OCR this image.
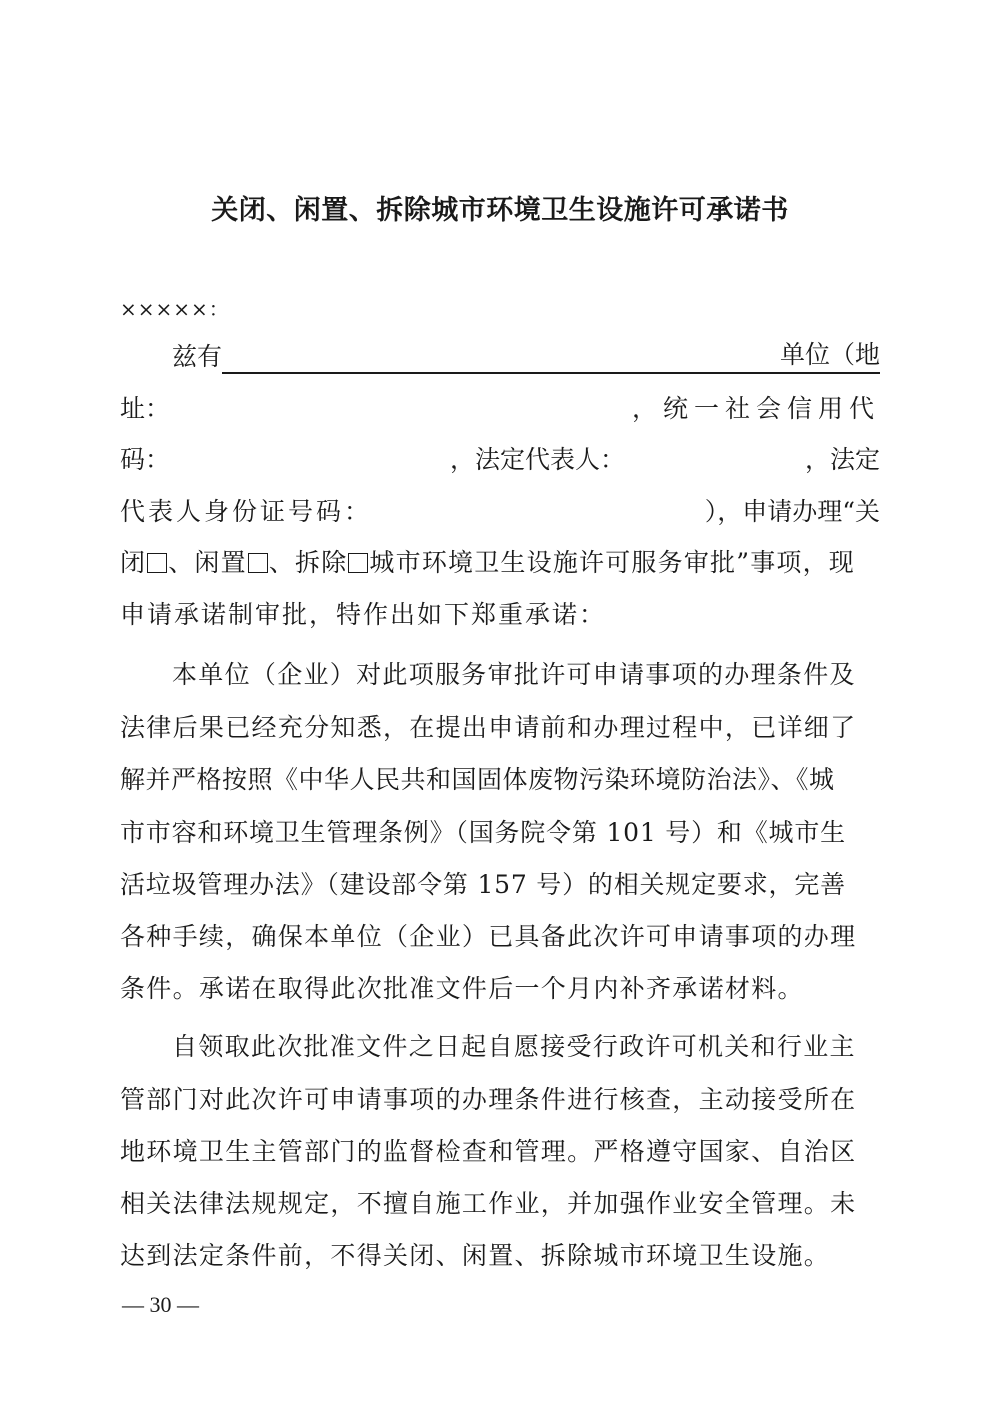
关闭、闲置、拆除城市环境卫生设施许可承诺书
×××××：
兹有	单位（地
址：	，统一社会信用代
码：	，法定代表人：	，法定
代表人身份证号码：	），申请办理“关
闭 、闲置 、拆除 城市环境卫生设施许可服务审批”事项，现
申请承诺制审批，特作出如下郑重承诺：
本单位（企业）对此项服务审批许可申请事项的办理条件及
法律后果已经充分知悉，在提出申请前和办理过程中，已详细了
解并严格按照《中华人民共和国固体废物污染环境防治法》、《城
市市容和环境卫生管理条例》（国务院令第 101 号）和《城市生
活垃圾管理办法》（建设部令第 157 号）的相关规定要求，完善
各种手续，确保本单位（企业）已具备此次许可申请事项的办理
条件。承诺在取得此次批准文件后一个月内补齐承诺材料。
自领取此次批准文件之日起自愿接受行政许可机关和行业主
管部门对此次许可申请事项的办理条件进行核查，主动接受所在
地环境卫生主管部门的监督检查和管理。严格遵守国家、自治区
相关法律法规规定，不擅自施工作业，并加强作业安全管理。未
达到法定条件前，不得关闭、闲置、拆除城市环境卫生设施。
— 30 —
